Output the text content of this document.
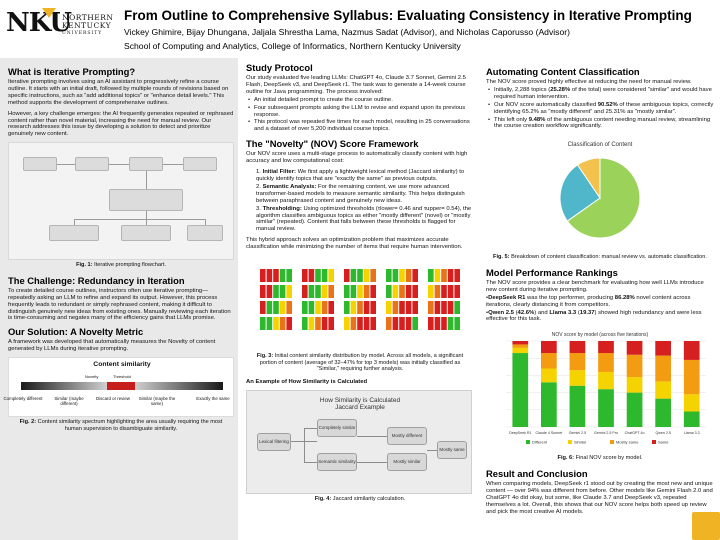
NKU
NORTHERN
KENTUCKY
UNIVERSITY
From Outline to Comprehensive Syllabus: Evaluating Consistency in Iterative Prompting
Vickey Ghimire, Bijay Dhungana, Jaljala Shrestha Lama, Nazmus Sadat (Advisor), and Nicholas Caporusso (Advisor)
School of Computing and Analytics, College of Informatics, Northern Kentucky University
What is Iterative Prompting?

Iterative prompting involves using an AI assistant to progressively refine a course outline. It starts with an initial draft, followed by multiple rounds of revisions based on specific instructions, such as "add additional topics" or "enhance detail levels." This method supports the development of comprehensive outlines.

However, a key challenge emerges: the AI frequently generates repeated or rephrased content rather than novel material, increasing the need for manual review. Our research addresses this issue by developing a solution to detect and prioritize genuinely new content.

Fig. 1: Iterative prompting flowchart.
The Challenge: Redundancy in Iteration

To create detailed course outlines, instructors often use iterative prompting—repeatedly asking an LLM to refine and expand its output. However, this process frequently leads to redundant or simply rephrased content, making it difficult to distinguish genuinely new ideas from existing ones. Manually reviewing each iteration is time-consuming and negates many of the efficiency gains that LLMs promise.

Our Solution: A Novelty Metric

A framework was developed that automatically measures the Novelty of content generated by LLMs during iterative prompting.

Content similarity
Novelty	Threshold
Completely different	Similar (maybe different)
Discard or review	Similar (maybe the same)
Exactly the same
Fig. 2: Content similarity spectrum highlighting the area usually requiring the most human supervision to disambiguate similarity.
Study Protocol

Our study evaluated five leading LLMs: ChatGPT 4o, Claude 3.7 Sonnet, Gemini 2.5 Flash, DeepSeek v3, and DeepSeek r1. The task was to generate a 14-week course outline for Java programming. The process involved:

• An initial detailed prompt to create the course outline.
• Four subsequent prompts asking the LLM to revise and expand upon its previous response.
• This protocol was repeated five times for each model, resulting in 25 conversations and a dataset of over 5,200 individual course topics.
The "Novelty" (NOV) Score Framework

Our NOV score uses a multi-stage process to automatically classify content with high accuracy and low computational cost:

1. Initial Filter: We first apply a lightweight lexical method (Jaccard similarity) to quickly identify topics that are "exactly the same" as previous outputs.
2. Semantic Analysis: For the remaining content, we use more advanced transformer-based models to measure semantic similarity. This helps distinguish between paraphrased content and genuinely new ideas.
3. Thresholding: Using optimized thresholds (τlower= 0.46 and τupper= 0.54), the algorithm classifies ambiguous topics as either "mostly different" (novel) or "mostly similar" (repeated). Content that falls between these thresholds is flagged for manual review.

This hybrid approach solves an optimization problem that maximizes accurate classification while minimizing the number of items that require human intervention.

Fig. 3: Initial content similarity distribution by model. Across all models, a significant portion of content (average of 32–47% for top 3 models) was initially classified as "Similar," requiring further analysis.
An Example of How Similarity is Calculated
How Similarity is Calculated
Jaccard Example
Lexical filtering
Completely similar
Mostly different
Semantic similarity	Mostly similar
Mostly same
Fig. 4: Jaccard similarity calculation.
Automating Content Classification

The NOV score proved highly effective at reducing the need for manual review.

• Initially, 2,288 topics (25.28% of the total) were considered "similar" and would have required human intervention.
• Our NOV score automatically classified 90.52% of these ambiguous topics, correctly identifying 65.2% as "mostly different" and 25.31% as "mostly similar".
• This left only 9.48% of the ambiguous content needing manual review, streamlining the course creation workflow significantly.
Classification of Content
Fig. 5: Breakdown of content classification: manual review vs. automatic classification.
Model Performance Rankings

The NOV score provides a clear benchmark for evaluating how well LLMs introduce new content during iterative prompting.

•DeepSeek R1 was the top performer, producing 86.28% novel content across iterations, clearly distancing it from competitors.

•Qwen 2.5 (42.6%) and Llama 3.3 (19.37) showed high redundancy and were less effective for this task.

NOV score by model (across five iterations)
DeepSeek R1 Claude 4 Sonnet Gemini 2.5 Gemini 2.5 Pro ChatGPT 4o	Qwen 2.5	Llama 3.3
Different	Similar	Mostly same	Same
Fig. 6: Final NOV score by model.
Result and Conclusion

When comparing models, DeepSeek r1 stood out by creating the most new and unique content — over 94% was different from before. Other models like Gemini Flash 2.0 and ChatGPT 4o did okay, but some, like Claude 3.7 and DeepSeek v3, repeated themselves a lot. Overall, this shows that our NOV score helps both speed up review and pick the most creative AI models.
